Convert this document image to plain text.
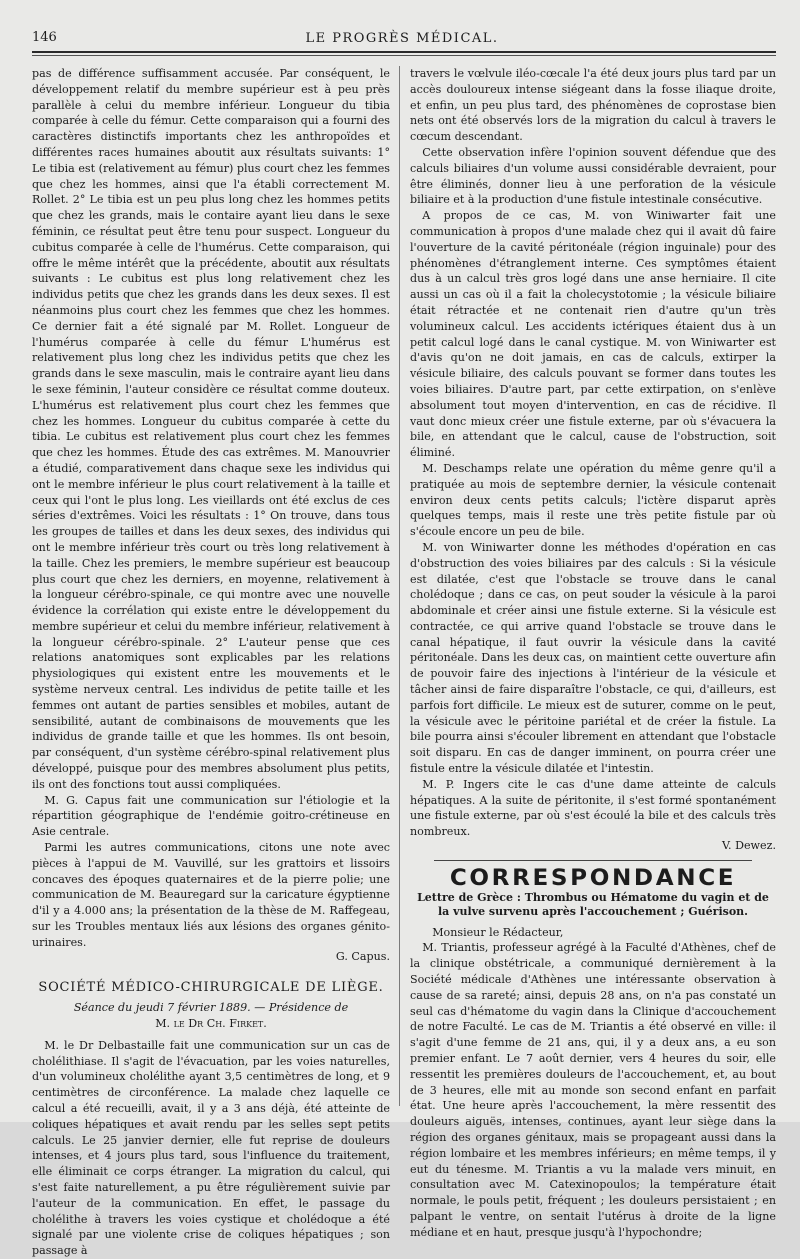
146	LE PROGRÈS MÉDICAL.

pas de différence suffisamment accusée. Par conséquent, le développement relatif du membre supérieur est à peu près parallèle à celui du membre inférieur. Longueur du tibia comparée à celle du fémur. Cette comparaison qui a fourni des caractères distinctifs importants chez les anthropoïdes et différentes races humaines aboutit aux résultats suivants: 1° Le tibia est (relativement au fémur) plus court chez les femmes que chez les hommes, ainsi que l'a établi correctement M. Rollet. 2° Le tibia est un peu plus long chez les hommes petits que chez les grands, mais le contaire ayant lieu dans le sexe féminin, ce résultat peut être tenu pour suspect. Longueur du cubitus comparée à celle de l'humérus. Cette comparaison, qui offre le même intérêt que la précédente, aboutit aux résultats suivants : Le cubitus est plus long relativement chez les individus petits que chez les grands dans les deux sexes. Il est néanmoins plus court chez les femmes que chez les hommes. Ce dernier fait a été signalé par M. Rollet. Longueur de l'humérus comparée à celle du fémur L'humérus est relativement plus long chez les individus petits que chez les grands dans le sexe masculin, mais le contraire ayant lieu dans le sexe féminin, l'auteur considère ce résultat comme douteux. L'humérus est relativement plus court chez les femmes que chez les hommes. Longueur du cubitus comparée à cette du tibia. Le cubitus est relativement plus court chez les femmes que chez les hommes. Étude des cas extrêmes. M. Manouvrier a étudié, comparativement dans chaque sexe les individus qui ont le membre inférieur le plus court relativement à la taille et ceux qui l'ont le plus long. Les vieillards ont été exclus de ces séries d'extrêmes. Voici les résultats : 1° On trouve, dans tous les groupes de tailles et dans les deux sexes, des individus qui ont le membre inférieur très court ou très long relativement à la taille. Chez les premiers, le membre supérieur est beaucoup plus court que chez les derniers, en moyenne, relativement à la longueur cérébro-spinale, ce qui montre avec une nouvelle évidence la corrélation qui existe entre le développement du membre supérieur et celui du membre inférieur, relativement à la longueur cérébro-spinale. 2° L'auteur pense que ces relations anatomiques sont explicables par les relations physiologiques qui existent entre les mouvements et le système nerveux central. Les individus de petite taille et les femmes ont autant de parties sensibles et mobiles, autant de sensibilité, autant de combinaisons de mouvements que les individus de grande taille et que les hommes. Ils ont besoin, par conséquent, d'un système cérébro-spinal relativement plus développé, puisque pour des membres absolument plus petits, ils ont des fonctions tout aussi compliquées.

M. G. Capus fait une communication sur l'étiologie et la répartition géographique de l'endémie goitro-crétineuse en Asie centrale.

Parmi les autres communications, citons une note avec pièces à l'appui de M. Vauvillé, sur les grattoirs et lissoirs concaves des époques quaternaires et de la pierre polie; une communication de M. Beauregard sur la caricature égyptienne d'il y a 4.000 ans; la présentation de la thèse de M. Raffegeau, sur les Troubles mentaux liés aux lésions des organes génito-urinaires.

G. Capus.
SOCIÉTÉ MÉDICO-CHIRURGICALE DE LIÈGE.
Séance du jeudi 7 février 1889. — Présidence de
M. le Dr Ch. Firket.

M. le Dr Delbastaille fait une communication sur un cas de cholélithiase. Il s'agit de l'évacuation, par les voies naturelles, d'un volumineux cholélithe ayant 3,5 centimètres de long, et 9 centimètres de circonférence. La malade chez laquelle ce calcul a été recueilli, avait, il y a 3 ans déjà, été atteinte de coliques hépatiques et avait rendu par les selles sept petits calculs. Le 25 janvier dernier, elle fut reprise de douleurs intenses, et 4 jours plus tard, sous l'influence du traitement, elle éliminait ce corps étranger. La migration du calcul, qui s'est faite naturellement, a pu être régulièrement suivie par l'auteur de la communication. En effet, le passage du cholélithe à travers les voies cystique et cholédoque a été signalé par une violente crise de coliques hépatiques ; son passage à

travers le vœlvule iléo-cœcale l'a été deux jours plus tard par un accès douloureux intense siégeant dans la fosse iliaque droite, et enfin, un peu plus tard, des phénomènes de coprostase bien nets ont été observés lors de la migration du calcul à travers le cœcum descendant.

Cette observation infère l'opinion souvent défendue que des calculs biliaires d'un volume aussi considérable devraient, pour être éliminés, donner lieu à une perforation de la vésicule biliaire et à la production d'une fistule intestinale consécutive.

A propos de ce cas, M. von Winiwarter fait une communication à propos d'une malade chez qui il avait dû faire l'ouverture de la cavité péritonéale (région inguinale) pour des phénomènes d'étranglement interne. Ces symptômes étaient dus à un calcul très gros logé dans une anse herniaire. Il cite aussi un cas où il a fait la cholecystotomie ; la vésicule biliaire était rétractée et ne contenait rien d'autre qu'un très volumineux calcul. Les accidents ictériques étaient dus à un petit calcul logé dans le canal cystique. M. von Winiwarter est d'avis qu'on ne doit jamais, en cas de calculs, extirper la vésicule biliaire, des calculs pouvant se former dans toutes les voies biliaires. D'autre part, par cette extirpation, on s'enlève absolument tout moyen d'intervention, en cas de récidive. Il vaut donc mieux créer une fistule externe, par où s'évacuera la bile, en attendant que le calcul, cause de l'obstruction, soit éliminé.

M. Deschamps relate une opération du même genre qu'il a pratiquée au mois de septembre dernier, la vésicule contenait environ deux cents petits calculs; l'ictère disparut après quelques temps, mais il reste une très petite fistule par où s'écoule encore un peu de bile.

M. von Winiwarter donne les méthodes d'opération en cas d'obstruction des voies biliaires par des calculs : Si la vésicule est dilatée, c'est que l'obstacle se trouve dans le canal cholédoque ; dans ce cas, on peut souder la vésicule à la paroi abdominale et créer ainsi une fistule externe. Si la vésicule est contractée, ce qui arrive quand l'obstacle se trouve dans le canal hépatique, il faut ouvrir la vésicule dans la cavité péritonéale. Dans les deux cas, on maintient cette ouverture afin de pouvoir faire des injections à l'intérieur de la vésicule et tâcher ainsi de faire disparaître l'obstacle, ce qui, d'ailleurs, est parfois fort difficile. Le mieux est de suturer, comme on le peut, la vésicule avec le péritoine pariétal et de créer la fistule. La bile pourra ainsi s'écouler librement en attendant que l'obstacle soit disparu. En cas de danger imminent, on pourra créer une fistule entre la vésicule dilatée et l'intestin.

M. P. Ingers cite le cas d'une dame atteinte de calculs hépatiques. A la suite de péritonite, il s'est formé spontanément une fistule externe, par où s'est écoulé la bile et des calculs très nombreux.

V. Dewez.
CORRESPONDANCE
Lettre de Grèce : Thrombus ou Hématome du vagin et de la vulve survenu après l'accouchement ; Guérison.

Monsieur le Rédacteur,

M. Triantis, professeur agrégé à la Faculté d'Athènes, chef de la clinique obstétricale, a communiqué dernièrement à la Société médicale d'Athènes une intéressante observation à cause de sa rareté; ainsi, depuis 28 ans, on n'a pas constaté un seul cas d'hématome du vagin dans la Clinique d'accouchement de notre Faculté. Le cas de M. Triantis a été observé en ville: il s'agit d'une femme de 21 ans, qui, il y a deux ans, a eu son premier enfant. Le 7 août dernier, vers 4 heures du soir, elle ressentit les premières douleurs de l'accouchement, et, au bout de 3 heures, elle mit au monde son second enfant en parfait état. Une heure après l'accouchement, la mère ressentit des douleurs aiguës, intenses, continues, ayant leur siège dans la région des organes génitaux, mais se propageant aussi dans la région lombaire et les membres inférieurs; en même temps, il y eut du ténesme. M. Triantis a vu la malade vers minuit, en consultation avec M. Catexinopoulos; la température était normale, le pouls petit, fréquent ; les douleurs persistaient ; en palpant le ventre, on sentait l'utérus à droite de la ligne médiane et en haut, presque jusqu'à l'hypochondre;
